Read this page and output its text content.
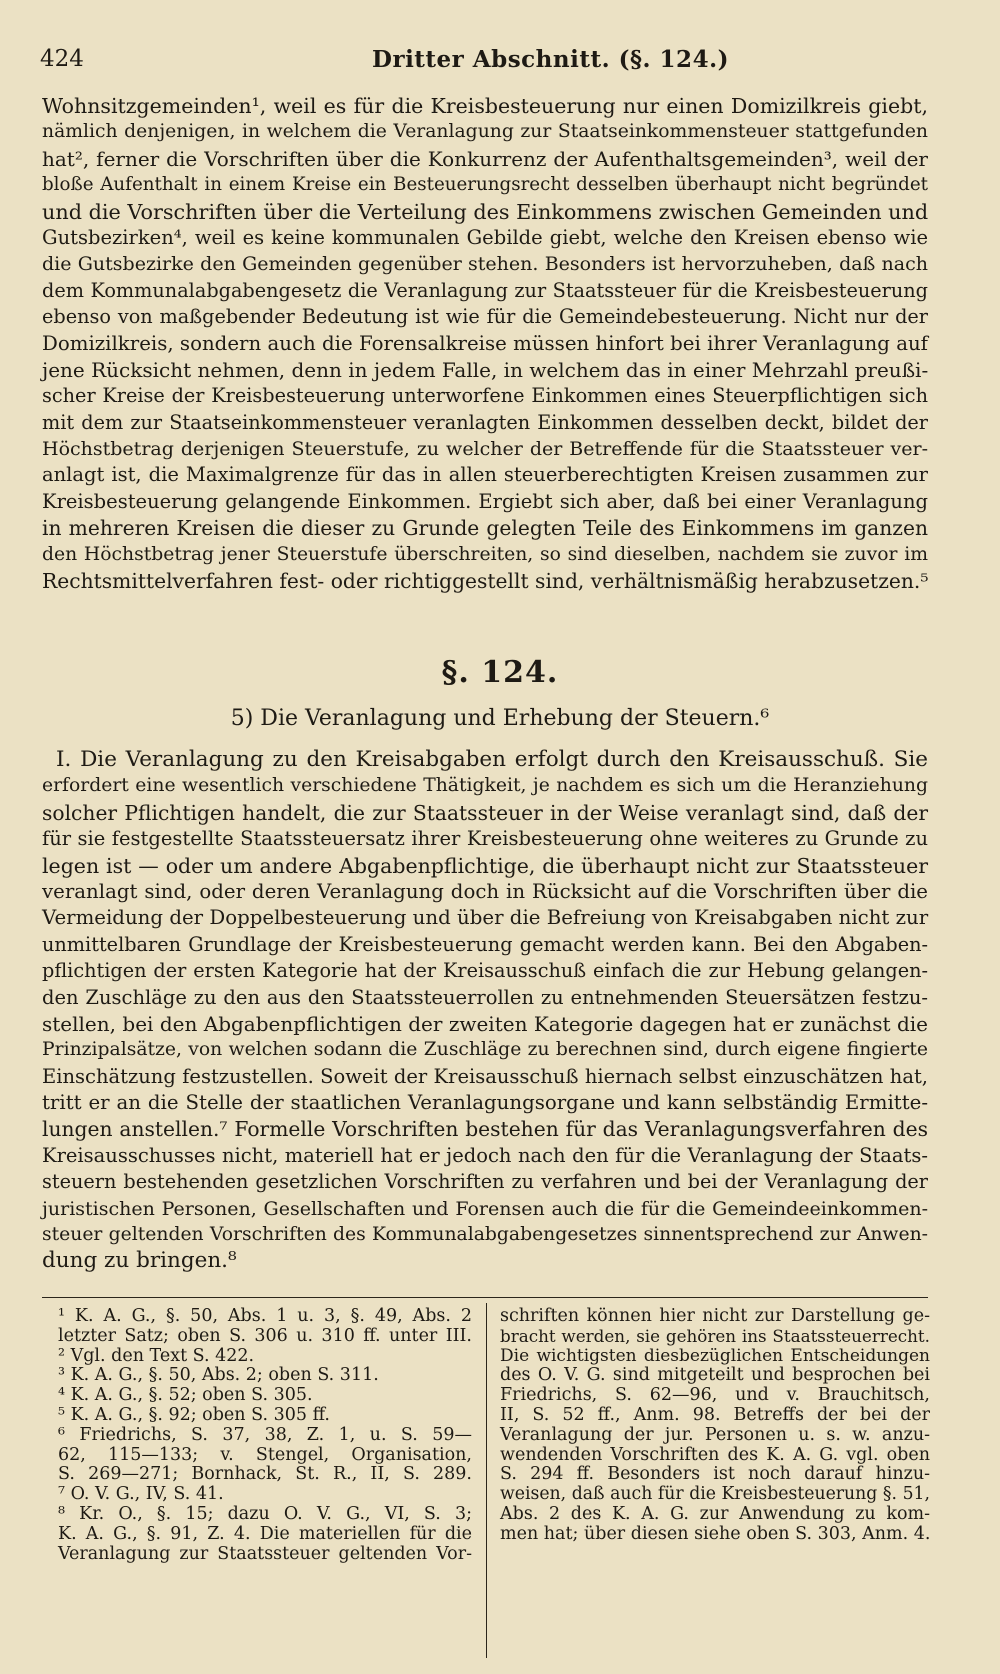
424	Dritter Abschnitt. (§. 124.)
Wohnsitzgemeinden¹, weil es für die Kreisbesteuerung nur einen Domizilkreis giebt,
nämlich denjenigen, in welchem die Veranlagung zur Staatseinkommensteuer stattgefunden
hat², ferner die Vorschriften über die Konkurrenz der Aufenthaltsgemeinden³, weil der
bloße Aufenthalt in einem Kreise ein Besteuerungsrecht desselben überhaupt nicht begründet
und die Vorschriften über die Verteilung des Einkommens zwischen Gemeinden und
Gutsbezirken⁴, weil es keine kommunalen Gebilde giebt, welche den Kreisen ebenso wie
die Gutsbezirke den Gemeinden gegenüber stehen. Besonders ist hervorzuheben, daß nach
dem Kommunalabgabengesetz die Veranlagung zur Staatssteuer für die Kreisbesteuerung
ebenso von maßgebender Bedeutung ist wie für die Gemeindebesteuerung. Nicht nur der
Domizilkreis, sondern auch die Forensalkreise müssen hinfort bei ihrer Veranlagung auf
jene Rücksicht nehmen, denn in jedem Falle, in welchem das in einer Mehrzahl preußi-
scher Kreise der Kreisbesteuerung unterworfene Einkommen eines Steuerpflichtigen sich
mit dem zur Staatseinkommensteuer veranlagten Einkommen desselben deckt, bildet der
Höchstbetrag derjenigen Steuerstufe, zu welcher der Betreffende für die Staatssteuer ver-
anlagt ist, die Maximalgrenze für das in allen steuerberechtigten Kreisen zusammen zur
Kreisbesteuerung gelangende Einkommen. Ergiebt sich aber, daß bei einer Veranlagung
in mehreren Kreisen die dieser zu Grunde gelegten Teile des Einkommens im ganzen
den Höchstbetrag jener Steuerstufe überschreiten, so sind dieselben, nachdem sie zuvor im
Rechtsmittelverfahren fest- oder richtiggestellt sind, verhältnismäßig herabzusetzen.⁵
§. 124.
5) Die Veranlagung und Erhebung der Steuern.⁶
I. Die Veranlagung zu den Kreisabgaben erfolgt durch den Kreisausschuß. Sie
erfordert eine wesentlich verschiedene Thätigkeit, je nachdem es sich um die Heranziehung
solcher Pflichtigen handelt, die zur Staatssteuer in der Weise veranlagt sind, daß der
für sie festgestellte Staatssteuersatz ihrer Kreisbesteuerung ohne weiteres zu Grunde zu
legen ist — oder um andere Abgabenpflichtige, die überhaupt nicht zur Staatssteuer
veranlagt sind, oder deren Veranlagung doch in Rücksicht auf die Vorschriften über die
Vermeidung der Doppelbesteuerung und über die Befreiung von Kreisabgaben nicht zur
unmittelbaren Grundlage der Kreisbesteuerung gemacht werden kann. Bei den Abgaben-
pflichtigen der ersten Kategorie hat der Kreisausschuß einfach die zur Hebung gelangen-
den Zuschläge zu den aus den Staatssteuerrollen zu entnehmenden Steuersätzen festzu-
stellen, bei den Abgabenpflichtigen der zweiten Kategorie dagegen hat er zunächst die
Prinzipalsätze, von welchen sodann die Zuschläge zu berechnen sind, durch eigene fingierte
Einschätzung festzustellen. Soweit der Kreisausschuß hiernach selbst einzuschätzen hat,
tritt er an die Stelle der staatlichen Veranlagungsorgane und kann selbständig Ermitte-
lungen anstellen.⁷ Formelle Vorschriften bestehen für das Veranlagungsverfahren des
Kreisausschusses nicht, materiell hat er jedoch nach den für die Veranlagung der Staats-
steuern bestehenden gesetzlichen Vorschriften zu verfahren und bei der Veranlagung der
juristischen Personen, Gesellschaften und Forensen auch die für die Gemeindeeinkommen-
steuer geltenden Vorschriften des Kommunalabgabengesetzes sinnentsprechend zur Anwen-
dung zu bringen.⁸
¹ K. A. G., §. 50, Abs. 1 u. 3, §. 49, Abs. 2
letzter Satz; oben S. 306 u. 310 ff. unter III.
² Vgl. den Text S. 422.
³ K. A. G., §. 50, Abs. 2; oben S. 311.
⁴ K. A. G., §. 52; oben S. 305.
⁵ K. A. G., §. 92; oben S. 305 ff.
⁶ Friedrichs, S. 37, 38, Z. 1, u. S. 59—
62, 115—133; v. Stengel, Organisation,
S. 269—271; Bornhack, St. R., II, S. 289.
⁷ O. V. G., IV, S. 41.
⁸ Kr. O., §. 15; dazu O. V. G., VI, S. 3;
K. A. G., §. 91, Z. 4. Die materiellen für die
Veranlagung zur Staatssteuer geltenden Vor-
schriften können hier nicht zur Darstellung ge-
bracht werden, sie gehören ins Staatssteuerrecht.
Die wichtigsten diesbezüglichen Entscheidungen
des O. V. G. sind mitgeteilt und besprochen bei
Friedrichs, S. 62—96, und v. Brauchitsch,
II, S. 52 ff., Anm. 98. Betreffs der bei der
Veranlagung der jur. Personen u. s. w. anzu-
wendenden Vorschriften des K. A. G. vgl. oben
S. 294 ff. Besonders ist noch darauf hinzu-
weisen, daß auch für die Kreisbesteuerung §. 51,
Abs. 2 des K. A. G. zur Anwendung zu kom-
men hat; über diesen siehe oben S. 303, Anm. 4.
